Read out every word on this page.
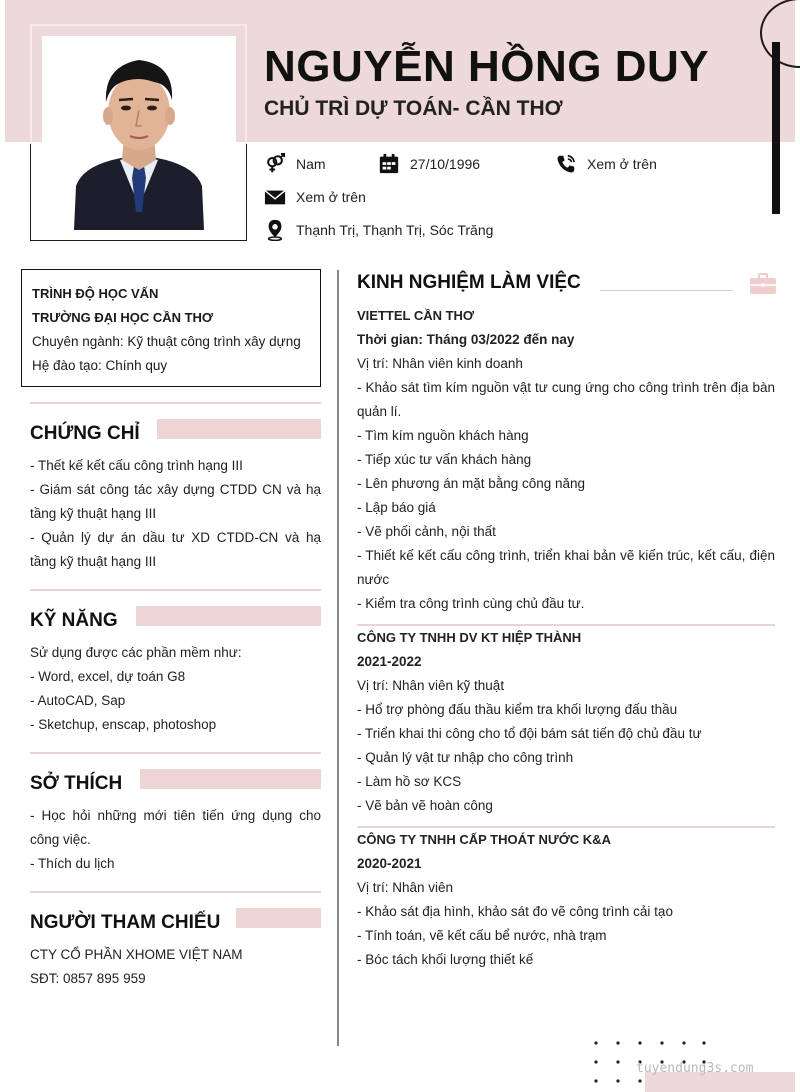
NGUYỄN HỒNG DUY
CHỦ TRÌ DỰ TOÁN- CẦN THƠ
Nam	27/10/1996	Xem ở trên
Xem ở trên
Thạnh Trị, Thạnh Trị, Sóc Trăng
TRÌNH ĐỘ HỌC VẤN
TRƯỜNG ĐẠI HỌC CẦN THƠ
Chuyên ngành: Kỹ thuật công trình xây dựng
Hệ đào tạo: Chính quy
CHỨNG CHỈ
- Thết kế kết cấu công trình hạng III
- Giám sát công tác xây dựng CTDD CN và hạ tầng kỹ thuật hạng III
- Quản lý dự án dầu tư XD CTDD-CN và hạ tầng kỹ thuật hạng III
KỸ NĂNG
Sử dụng được các phần mềm như:
- Word, excel, dự toán G8
- AutoCAD, Sap
- Sketchup, enscap, photoshop
SỞ THÍCH
- Học hỏi những mới tiên tiến ứng dụng cho công việc.
- Thích du lịch
NGƯỜI THAM CHIẾU
CTY CỔ PHẦN XHOME VIỆT NAM
SĐT: 0857 895 959
KINH NGHIỆM LÀM VIỆC
VIETTEL CẦN THƠ
Thời gian: Tháng 03/2022 đến nay
Vị trí: Nhân viên kinh doanh
- Khảo sát tìm kím nguồn vật tư cung ứng cho công trình trên địa bàn quản lí.
- Tìm kím nguồn khách hàng
- Tiếp xúc tư vấn khách hàng
- Lên phương án mặt bằng công năng
- Lập báo giá
- Vẽ phối cảnh, nội thất
- Thiết kế kết cấu công trình, triển khai bản vẽ kiến trúc, kết cấu, điện nước
- Kiểm tra công trình cùng chủ đầu tư.
CÔNG TY TNHH DV KT HIỆP THÀNH
2021-2022
Vị trí: Nhân viên kỹ thuật
- Hổ trợ phòng đấu thầu kiểm tra khối lượng đấu thầu
- Triển khai thi công cho tổ đội bám sát tiến độ chủ đầu tư
- Quản lý vật tư nhập cho công trình
- Làm hồ sơ KCS
- Vẽ bản vẽ hoàn công
CÔNG TY TNHH CẤP THOÁT NƯỚC K&A
2020-2021
Vị trí: Nhân viên
- Khảo sát địa hình, khảo sát đo vẽ công trình cải tạo
- Tính toán, vẽ kết cấu bể nước, nhà trạm
- Bóc tách khối lượng thiết kế
tuyendung3s.com
